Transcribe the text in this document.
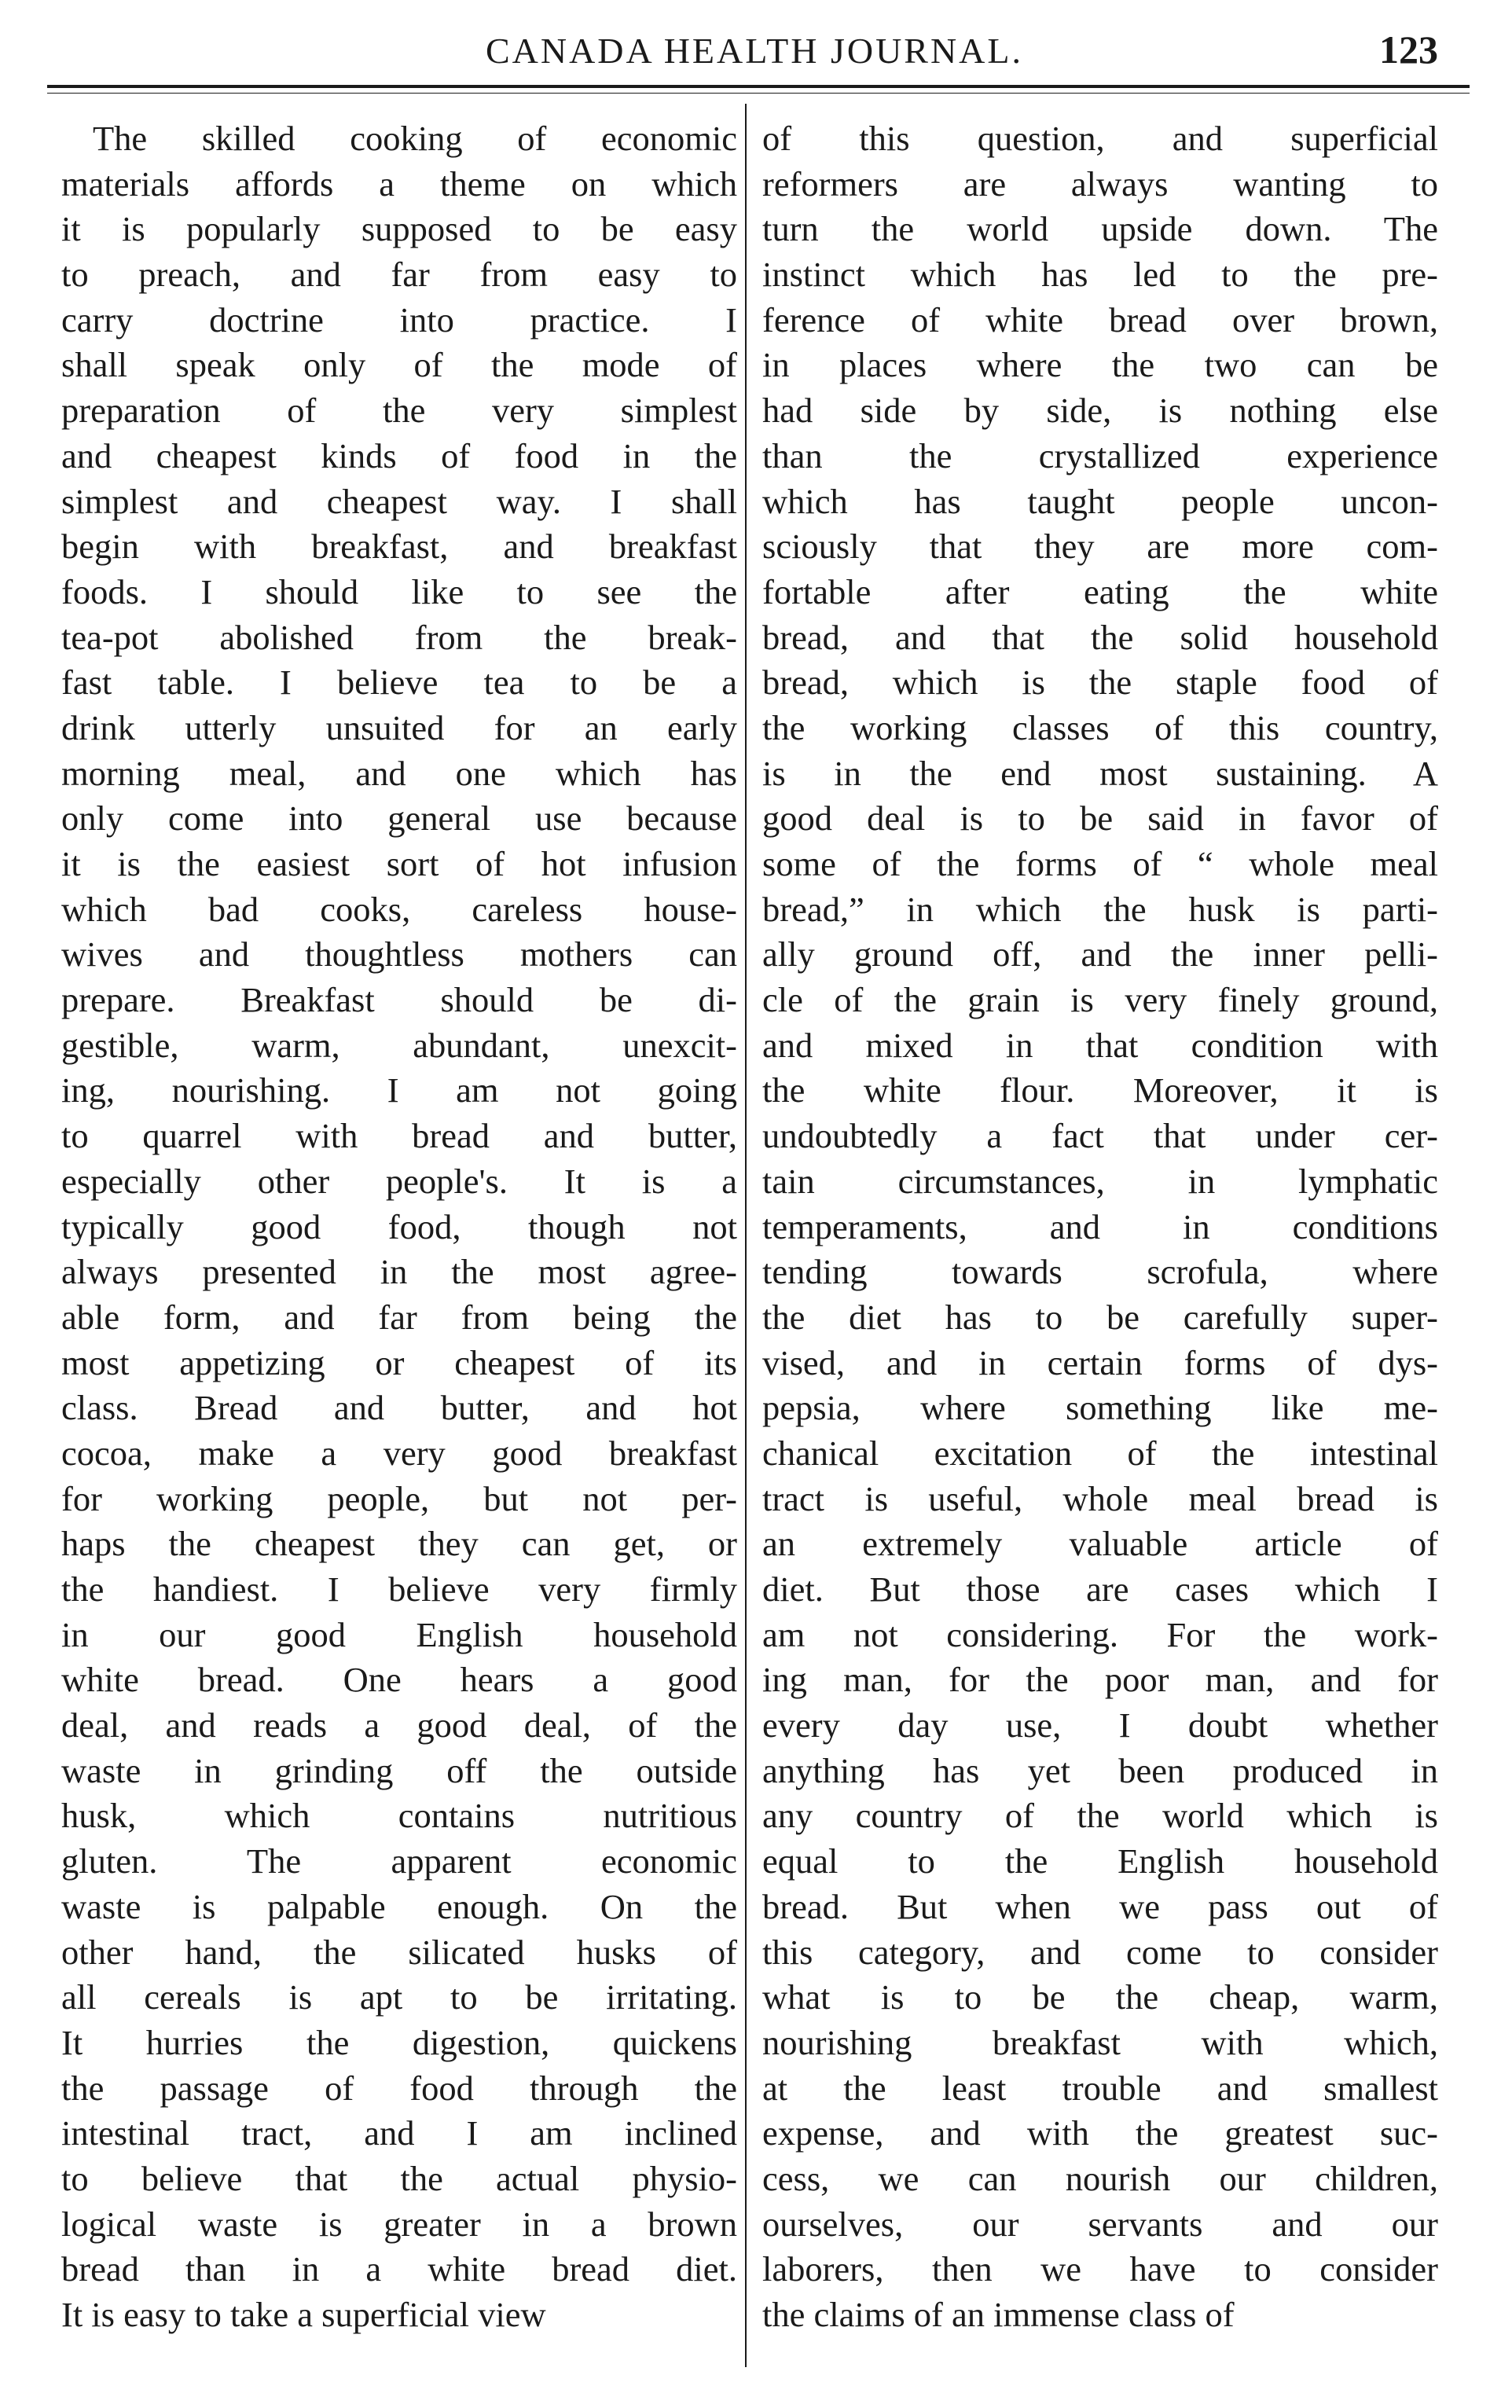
CANADA HEALTH JOURNAL.	123
The skilled cooking of economic
materials affords a theme on which
it is popularly supposed to be easy
to preach, and far from easy to
carry doctrine into practice. I
shall speak only of the mode of
preparation of the very simplest
and cheapest kinds of food in the
simplest and cheapest way. I shall
begin with breakfast, and breakfast
foods. I should like to see the
tea-pot abolished from the break-
fast table. I believe tea to be a
drink utterly unsuited for an early
morning meal, and one which has
only come into general use because
it is the easiest sort of hot infusion
which bad cooks, careless house-
wives and thoughtless mothers can
prepare. Breakfast should be di-
gestible, warm, abundant, unexcit-
ing, nourishing. I am not going
to quarrel with bread and butter,
especially other people's. It is a
typically good food, though not
always presented in the most agree-
able form, and far from being the
most appetizing or cheapest of its
class. Bread and butter, and hot
cocoa, make a very good breakfast
for working people, but not per-
haps the cheapest they can get, or
the handiest. I believe very firmly
in our good English household
white bread. One hears a good
deal, and reads a good deal, of the
waste in grinding off the outside
husk, which contains nutritious
gluten. The apparent economic
waste is palpable enough. On the
other hand, the silicated husks of
all cereals is apt to be irritating.
It hurries the digestion, quickens
the passage of food through the
intestinal tract, and I am inclined
to believe that the actual physio-
logical waste is greater in a brown
bread than in a white bread diet.
It is easy to take a superficial view
of this question, and superficial
reformers are always wanting to
turn the world upside down. The
instinct which has led to the pre-
ference of white bread over brown,
in places where the two can be
had side by side, is nothing else
than the crystallized experience
which has taught people uncon-
sciously that they are more com-
fortable after eating the white
bread, and that the solid household
bread, which is the staple food of
the working classes of this country,
is in the end most sustaining. A
good deal is to be said in favor of
some of the forms of “ whole meal
bread,” in which the husk is parti-
ally ground off, and the inner pelli-
cle of the grain is very finely ground,
and mixed in that condition with
the white flour. Moreover, it is
undoubtedly a fact that under cer-
tain circumstances, in lymphatic
temperaments, and in conditions
tending towards scrofula, where
the diet has to be carefully super-
vised, and in certain forms of dys-
pepsia, where something like me-
chanical excitation of the intestinal
tract is useful, whole meal bread is
an extremely valuable article of
diet. But those are cases which I
am not considering. For the work-
ing man, for the poor man, and for
every day use, I doubt whether
anything has yet been produced in
any country of the world which is
equal to the English household
bread. But when we pass out of
this category, and come to consider
what is to be the cheap, warm,
nourishing breakfast with which,
at the least trouble and smallest
expense, and with the greatest suc-
cess, we can nourish our children,
ourselves, our servants and our
laborers, then we have to consider
the claims of an immense class of
